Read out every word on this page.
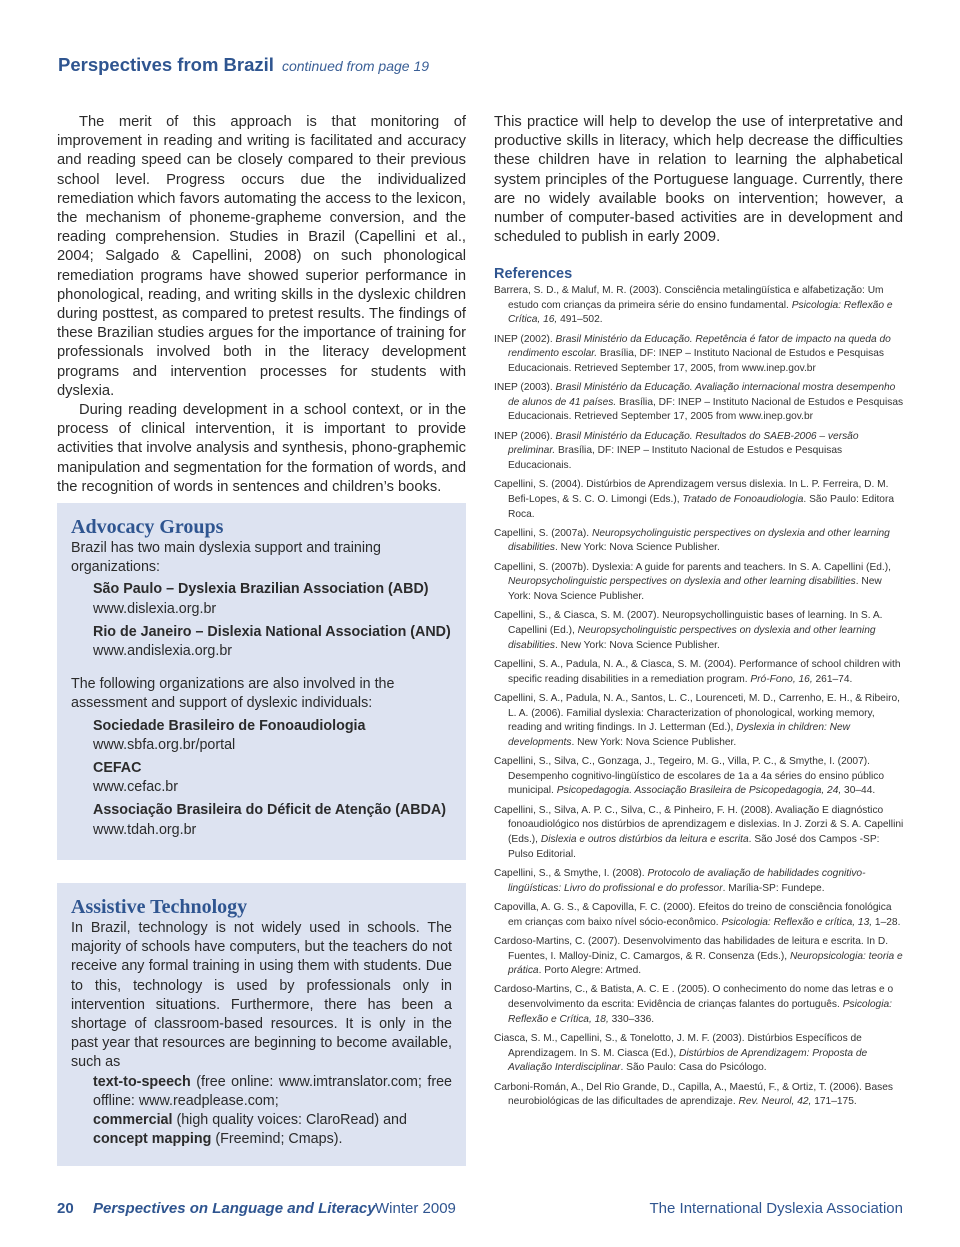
Perspectives from Brazil continued from page 19

The merit of this approach is that monitoring of improvement in reading and writing is facilitated and accuracy and reading speed can be closely compared to their previous school level. Progress occurs due the individualized remediation which favors automating the access to the lexicon, the mechanism of phoneme-grapheme conversion, and the reading comprehension. Studies in Brazil (Capellini et al., 2004; Salgado & Capellini, 2008) on such phonological remediation programs have showed superior performance in phonological, reading, and writing skills in the dyslexic children during posttest, as compared to pretest results. The findings of these Brazilian studies argues for the importance of training for professionals involved both in the literacy development programs and intervention processes for students with dyslexia.

During reading development in a school context, or in the process of clinical intervention, it is important to provide activities that involve analysis and synthesis, phono-graphemic manipulation and segmentation for the formation of words, and the recognition of words in sentences and children’s books.

Advocacy Groups
Brazil has two main dyslexia support and training organizations:
São Paulo – Dyslexia Brazilian Association (ABD)
www.dislexia.org.br
Rio de Janeiro – Dislexia National Association (AND)
www.andislexia.org.br
The following organizations are also involved in the assessment and support of dyslexic individuals:
Sociedade Brasileiro de Fonoaudiologia
www.sbfa.org.br/portal
CEFAC
www.cefac.br
Associação Brasileira do Déficit de Atenção (ABDA)
www.tdah.org.br
Assistive Technology
In Brazil, technology is not widely used in schools. The majority of schools have computers, but the teachers do not receive any formal training in using them with students. Due to this, technology is used by professionals only in intervention situations. Furthermore, there has been a shortage of classroom-based resources. It is only in the past year that resources are beginning to become available, such as
text-to-speech (free online: www.imtranslator.com; free offline: www.readplease.com;
commercial (high quality voices: ClaroRead) and
concept mapping (Freemind; Cmaps).
This practice will help to develop the use of interpretative and productive skills in literacy, which help decrease the difficulties these children have in relation to learning the alphabetical system principles of the Portuguese language. Currently, there are no widely available books on intervention; however, a number of computer-based activities are in development and scheduled to publish in early 2009.
References
Barrera, S. D., & Maluf, M. R. (2003). Consciência metalingüística e alfabetização: Um estudo com crianças da primeira série do ensino fundamental. Psicologia: Reflexão e Crítica, 16, 491–502.
INEP (2002). Brasil Ministério da Educação. Repetência é fator de impacto na queda do rendimento escolar. Brasília, DF: INEP – Instituto Nacional de Estudos e Pesquisas Educacionais. Retrieved September 17, 2005, from www.inep.gov.br
INEP (2003). Brasil Ministério da Educação. Avaliação internacional mostra desempenho de alunos de 41 países. Brasília, DF: INEP – Instituto Nacional de Estudos e Pesquisas Educacionais. Retrieved September 17, 2005 from www.inep.gov.br
INEP (2006). Brasil Ministério da Educação. Resultados do SAEB-2006 – versão preliminar. Brasília, DF: INEP – Instituto Nacional de Estudos e Pesquisas Educacionais.
Capellini, S. (2004). Distúrbios de Aprendizagem versus dislexia. In L. P. Ferreira, D. M. Befi-Lopes, & S. C. O. Limongi (Eds.), Tratado de Fonoaudiologia. São Paulo: Editora Roca.
Capellini, S. (2007a). Neuropsycholinguistic perspectives on dyslexia and other learning disabilities. New York: Nova Science Publisher.
Capellini, S. (2007b). Dyslexia: A guide for parents and teachers. In S. A. Capellini (Ed.), Neuropsycholinguistic perspectives on dyslexia and other learning disabilities. New York: Nova Science Publisher.
Capellini, S., & Ciasca, S. M. (2007). Neuropsychollinguistic bases of learning. In S. A. Capellini (Ed.), Neuropsycholinguistic perspectives on dyslexia and other learning disabilities. New York: Nova Science Publisher.
Capellini, S. A., Padula, N. A., & Ciasca, S. M. (2004). Performance of school children with specific reading disabilities in a remediation program. Pró-Fono, 16, 261–74.
Capellini, S. A., Padula, N. A., Santos, L. C., Lourenceti, M. D., Carrenho, E. H., & Ribeiro, L. A. (2006). Familial dyslexia: Characterization of phonological, working memory, reading and writing findings. In J. Letterman (Ed.), Dyslexia in children: New developments. New York: Nova Science Publisher.
Capellini, S., Silva, C., Gonzaga, J., Tegeiro, M. G., Villa, P. C., & Smythe, I. (2007). Desempenho cognitivo-lingüístico de escolares de 1a a 4a séries do ensino público municipal. Psicopedagogia. Associação Brasileira de Psicopedagogia, 24, 30–44.
Capellini, S., Silva, A. P. C., Silva, C., & Pinheiro, F. H. (2008). Avaliação E diagnóstico fonoaudiológico nos distúrbios de aprendizagem e dislexias. In J. Zorzi & S. A. Capellini (Eds.), Dislexia e outros distúrbios da leitura e escrita. São José dos Campos -SP: Pulso Editorial.
Capellini, S., & Smythe, I. (2008). Protocolo de avaliação de habilidades cognitivo-lingüísticas: Livro do profissional e do professor. Marília-SP: Fundepe.
Capovilla, A. G. S., & Capovilla, F. C. (2000). Efeitos do treino de consciência fonológica em crianças com baixo nível sócio-econômico. Psicologia: Reflexão e crítica, 13, 1–28.
Cardoso-Martins, C. (2007). Desenvolvimento das habilidades de leitura e escrita. In D. Fuentes, I. Malloy-Diniz, C. Camargos, & R. Consenza (Eds.), Neuropsicologia: teoria e prática. Porto Alegre: Artmed.
Cardoso-Martins, C., & Batista, A. C. E . (2005). O conhecimento do nome das letras e o desenvolvimento da escrita: Evidência de crianças falantes do português. Psicologia: Reflexão e Crítica, 18, 330–336.
Ciasca, S. M., Capellini, S., & Tonelotto, J. M. F. (2003). Distúrbios Específicos de Aprendizagem. In S. M. Ciasca (Ed.), Distúrbios de Aprendizagem: Proposta de Avaliação Interdisciplinar. São Paulo: Casa do Psicólogo.
Carboni-Román, A., Del Rio Grande, D., Capilla, A., Maestú, F., & Ortiz, T. (2006). Bases neurobiológicas de las dificultades de aprendizaje. Rev. Neurol, 42, 171–175.
20 Perspectives on Language and Literacy Winter 2009	The International Dyslexia Association
